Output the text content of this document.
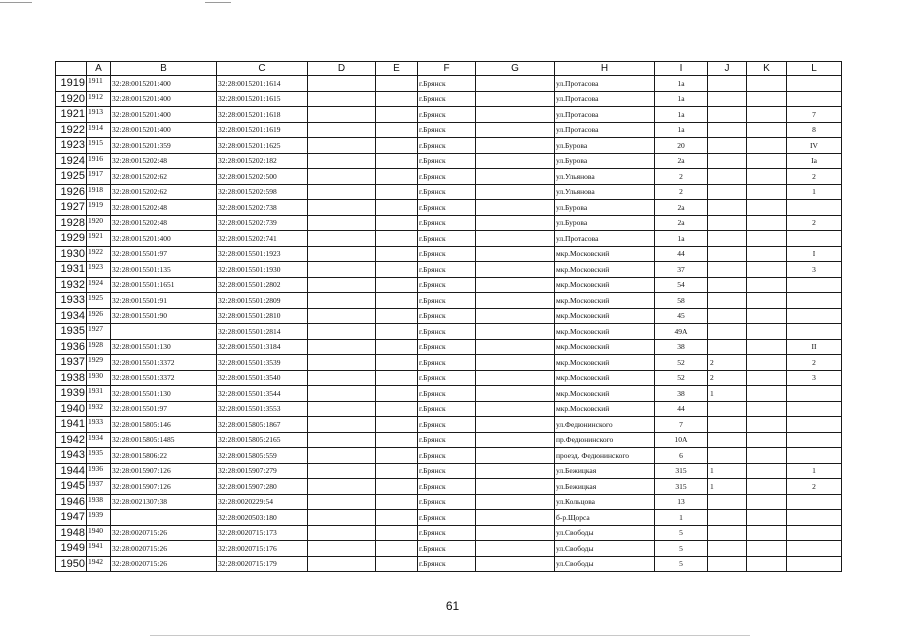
	A	B	C	D	E	F	G	H	I	J	K	L
1919	1911	32:28:0015201:400	32:28:0015201:1614			г.Брянск		ул.Протасова	1а			
1920	1912	32:28:0015201:400	32:28:0015201:1615			г.Брянск		ул.Протасова	1а			
1921	1913	32:28:0015201:400	32:28:0015201:1618			г.Брянск		ул.Протасова	1а			7
1922	1914	32:28:0015201:400	32:28:0015201:1619			г.Брянск		ул.Протасова	1а			8
1923	1915	32:28:0015201:359	32:28:0015201:1625			г.Брянск		ул.Бурова	20			IV
1924	1916	32:28:0015202:48	32:28:0015202:182			г.Брянск		ул.Бурова	2а			Iа
1925	1917	32:28:0015202:62	32:28:0015202:500			г.Брянск		ул.Ульянова	2			2
1926	1918	32:28:0015202:62	32:28:0015202:598			г.Брянск		ул.Ульянова	2			1
1927	1919	32:28:0015202:48	32:28:0015202:738			г.Брянск		ул.Бурова	2а			
1928	1920	32:28:0015202:48	32:28:0015202:739			г.Брянск		ул.Бурова	2а			2
1929	1921	32:28:0015201:400	32:28:0015202:741			г.Брянск		ул.Протасова	1а			
1930	1922	32:28:0015501:97	32:28:0015501:1923			г.Брянск		мкр.Московский	44			I
1931	1923	32:28:0015501:135	32:28:0015501:1930			г.Брянск		мкр.Московский	37			3
1932	1924	32:28:0015501:1651	32:28:0015501:2802			г.Брянск		мкр.Московский	54			
1933	1925	32:28:0015501:91	32:28:0015501:2809			г.Брянск		мкр.Московский	58			
1934	1926	32:28:0015501:90	32:28:0015501:2810			г.Брянск		мкр.Московский	45			
1935	1927		32:28:0015501:2814			г.Брянск		мкр.Московский	49А			
1936	1928	32:28:0015501:130	32:28:0015501:3184			г.Брянск		мкр.Московский	38			II
1937	1929	32:28:0015501:3372	32:28:0015501:3539			г.Брянск		мкр.Московский	52	2		2
1938	1930	32:28:0015501:3372	32:28:0015501:3540			г.Брянск		мкр.Московский	52	2		3
1939	1931	32:28:0015501:130	32:28:0015501:3544			г.Брянск		мкр.Московский	38	1		
1940	1932	32:28:0015501:97	32:28:0015501:3553			г.Брянск		мкр.Московский	44			
1941	1933	32:28:0015805:146	32:28:0015805:1867			г.Брянск		ул.Федюнинского	7			
1942	1934	32:28:0015805:1485	32:28:0015805:2165			г.Брянск		пр.Федюнинского	10А			
1943	1935	32:28:0015806:22	32:28:0015805:559			г.Брянск		проезд. Федюнинского	6			
1944	1936	32:28:0015907:126	32:28:0015907:279			г.Брянск		ул.Бежицкая	315	1		1
1945	1937	32:28:0015907:126	32:28:0015907:280			г.Брянск		ул.Бежицкая	315	1		2
1946	1938	32:28:0021307:38	32:28:0020229:54			г.Брянск		ул.Кольцова	13			
1947	1939		32:28:0020503:180			г.Брянск		б-р.Щорса	1			
1948	1940	32:28:0020715:26	32:28:0020715:173			г.Брянск		ул.Свободы	5			
1949	1941	32:28:0020715:26	32:28:0020715:176			г.Брянск		ул.Свободы	5			
1950	1942	32:28:0020715:26	32:28:0020715:179			г.Брянск		ул.Свободы	5			
61
